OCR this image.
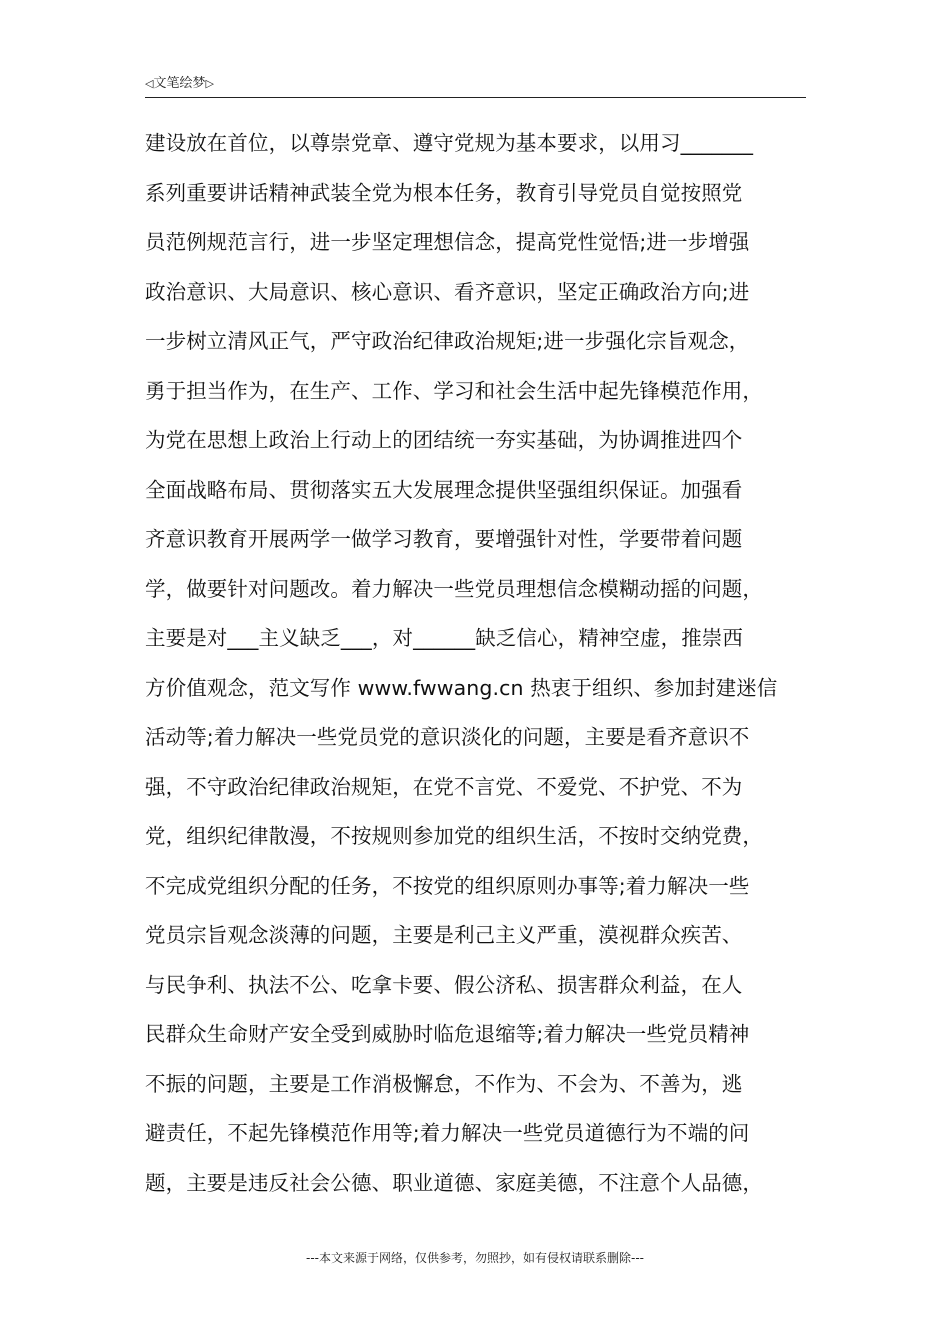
◁文笔绘梦▷
建设放在首位，以尊崇党章、遵守党规为基本要求，以用习_______
系列重要讲话精神武装全党为根本任务，教育引导党员自觉按照党
员范例规范言行，进一步坚定理想信念，提高党性觉悟;进一步增强
政治意识、大局意识、核心意识、看齐意识，坚定正确政治方向;进
一步树立清风正气，严守政治纪律政治规矩;进一步强化宗旨观念，
勇于担当作为，在生产、工作、学习和社会生活中起先锋模范作用，
为党在思想上政治上行动上的团结统一夯实基础，为协调推进四个
全面战略布局、贯彻落实五大发展理念提供坚强组织保证。加强看
齐意识教育开展两学一做学习教育，要增强针对性，学要带着问题
学，做要针对问题改。着力解决一些党员理想信念模糊动摇的问题，
主要是对___主义缺乏___，对______缺乏信心，精神空虚，推崇西
方价值观念，范文写作 www.fwwang.cn 热衷于组织、参加封建迷信
活动等;着力解决一些党员党的意识淡化的问题，主要是看齐意识不
强，不守政治纪律政治规矩，在党不言党、不爱党、不护党、不为
党，组织纪律散漫，不按规则参加党的组织生活，不按时交纳党费，
不完成党组织分配的任务，不按党的组织原则办事等;着力解决一些
党员宗旨观念淡薄的问题，主要是利己主义严重，漠视群众疾苦、
与民争利、执法不公、吃拿卡要、假公济私、损害群众利益，在人
民群众生命财产安全受到威胁时临危退缩等;着力解决一些党员精神
不振的问题，主要是工作消极懈怠，不作为、不会为、不善为，逃
避责任，不起先锋模范作用等;着力解决一些党员道德行为不端的问
题，主要是违反社会公德、职业道德、家庭美德，不注意个人品德，
---本文来源于网络，仅供参考，勿照抄，如有侵权请联系删除---
